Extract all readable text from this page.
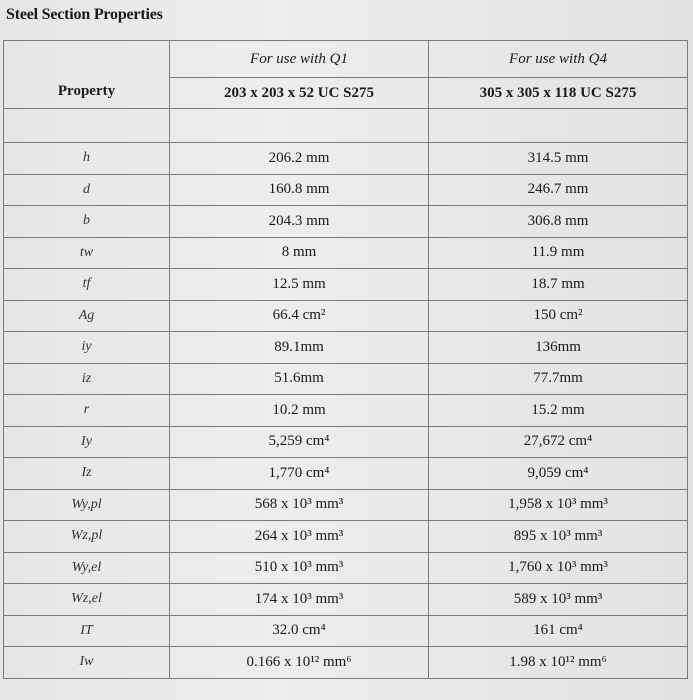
Steel Section Properties
Property	For use with Q1	For use with Q4
	203 x 203 x 52 UC S275	305 x 305 x 118 UC S275

h	206.2 mm	314.5 mm
d	160.8 mm	246.7 mm
b	204.3 mm	306.8 mm
tw	8 mm	11.9 mm
tf	12.5 mm	18.7 mm
Ag	66.4 cm²	150 cm²
iy	89.1mm	136mm
iz	51.6mm	77.7mm
r	10.2 mm	15.2 mm
Iy	5,259 cm⁴	27,672 cm⁴
Iz	1,770 cm⁴	9,059 cm⁴
Wy,pl	568 x 10³ mm³	1,958 x 10³ mm³
Wz,pl	264 x 10³ mm³	895 x 10³ mm³
Wy,el	510 x 10³ mm³	1,760 x 10³ mm³
Wz,el	174 x 10³ mm³	589 x 10³ mm³
IT	32.0 cm⁴	161 cm⁴
Iw	0.166 x 10¹² mm⁶	1.98 x 10¹² mm⁶
